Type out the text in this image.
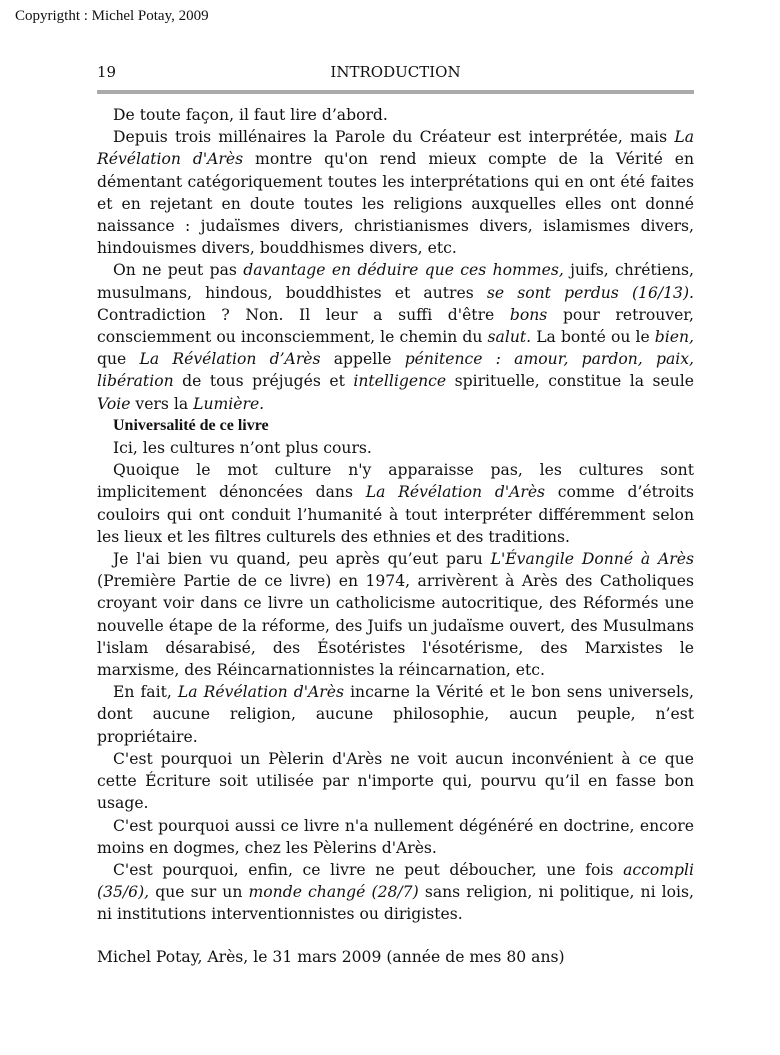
Copyrigtht : Michel Potay, 2009
19	INTRODUCTION

De toute façon, il faut lire d’abord.

Depuis trois millénaires la Parole du Créateur est interprétée, mais La Révélation d'Arès montre qu'on rend mieux compte de la Vérité en démentant catégoriquement toutes les interprétations qui en ont été faites et en rejetant en doute toutes les religions auxquelles elles ont donné naissance : judaïsmes divers, christianismes divers, islamismes divers, hindouismes divers, bouddhismes divers, etc.

On ne peut pas davantage en déduire que ces hommes, juifs, chrétiens, musulmans, hindous, bouddhistes et autres se sont perdus (16/13). Contradiction ? Non. Il leur a suffi d'être bons pour retrouver, consciemment ou inconsciemment, le chemin du salut. La bonté ou le bien, que La Révélation d’Arès appelle pénitence : amour, pardon, paix, libération de tous préjugés et intelligence spirituelle, constitue la seule Voie vers la Lumière.

Universalité de ce livre

Ici, les cultures n’ont plus cours.

Quoique le mot culture n'y apparaisse pas, les cultures sont implicitement dénoncées dans La Révélation d'Arès comme d’étroits couloirs qui ont conduit l’humanité à tout interpréter différemment selon les lieux et les filtres culturels des ethnies et des traditions.

Je l'ai bien vu quand, peu après qu’eut paru L'Évangile Donné à Arès (Première Partie de ce livre) en 1974, arrivèrent à Arès des Catholiques croyant voir dans ce livre un catholicisme autocritique, des Réformés une nouvelle étape de la réforme, des Juifs un judaïsme ouvert, des Musulmans l'islam désarabisé, des Ésotéristes l'ésotérisme, des Marxistes le marxisme, des Réincarnationnistes la réincarnation, etc.

En fait, La Révélation d'Arès incarne la Vérité et le bon sens universels, dont aucune religion, aucune philosophie, aucun peuple, n’est propriétaire.

C'est pourquoi un Pèlerin d'Arès ne voit aucun inconvénient à ce que cette Écriture soit utilisée par n'importe qui, pourvu qu’il en fasse bon usage.

C'est pourquoi aussi ce livre n'a nullement dégénéré en doctrine, encore moins en dogmes, chez les Pèlerins d'Arès.

C'est pourquoi, enfin, ce livre ne peut déboucher, une fois accompli (35/6), que sur un monde changé (28/7) sans religion, ni politique, ni lois, ni institutions interventionnistes ou dirigistes.

Michel Potay, Arès, le 31 mars 2009 (année de mes 80 ans)
